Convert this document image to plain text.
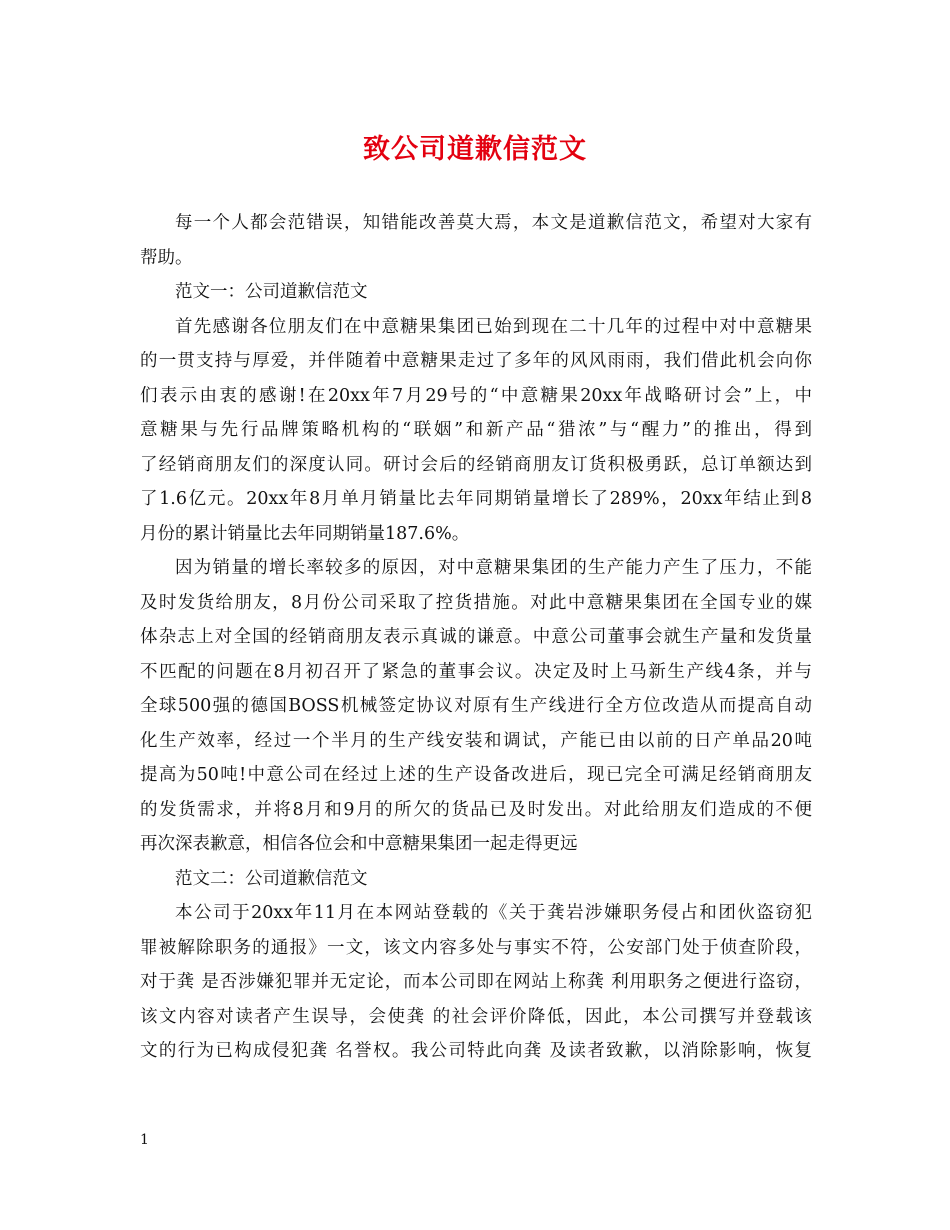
致公司道歉信范文
每一个人都会范错误，知错能改善莫大焉，本文是道歉信范文，希望对大家有
帮助。
范文一：公司道歉信范文
首先感谢各位朋友们在中意糖果集团已始到现在二十几年的过程中对中意糖果
的一贯支持与厚爱，并伴随着中意糖果走过了多年的风风雨雨，我们借此机会向你
们表示由衷的感谢!在20xx年7月29号的“中意糖果20xx年战略研讨会”上，中
意糖果与先行品牌策略机构的“联姻”和新产品“猎浓”与“醒力”的推出，得到
了经销商朋友们的深度认同。研讨会后的经销商朋友订货积极勇跃，总订单额达到
了1.6亿元。20xx年8月单月销量比去年同期销量增长了289%，20xx年结止到8
月份的累计销量比去年同期销量187.6%。
因为销量的增长率较多的原因，对中意糖果集团的生产能力产生了压力，不能
及时发货给朋友，8月份公司采取了控货措施。对此中意糖果集团在全国专业的媒
体杂志上对全国的经销商朋友表示真诚的谦意。中意公司董事会就生产量和发货量
不匹配的问题在8月初召开了紧急的董事会议。决定及时上马新生产线4条，并与
全球500强的德国BOSS机械签定协议对原有生产线进行全方位改造从而提高自动
化生产效率，经过一个半月的生产线安装和调试，产能已由以前的日产单品20吨
提高为50吨!中意公司在经过上述的生产设备改进后，现已完全可满足经销商朋友
的发货需求，并将8月和9月的所欠的货品已及时发出。对此给朋友们造成的不便
再次深表歉意，相信各位会和中意糖果集团一起走得更远
范文二：公司道歉信范文
本公司于20xx年11月在本网站登载的《关于龚岩涉嫌职务侵占和团伙盗窃犯
罪被解除职务的通报》一文，该文内容多处与事实不符，公安部门处于侦查阶段，
对于龚 是否涉嫌犯罪并无定论，而本公司即在网站上称龚 利用职务之便进行盗窃，
该文内容对读者产生误导，会使龚 的社会评价降低，因此，本公司撰写并登载该
文的行为已构成侵犯龚 名誉权。我公司特此向龚 及读者致歉，以消除影响，恢复
1
